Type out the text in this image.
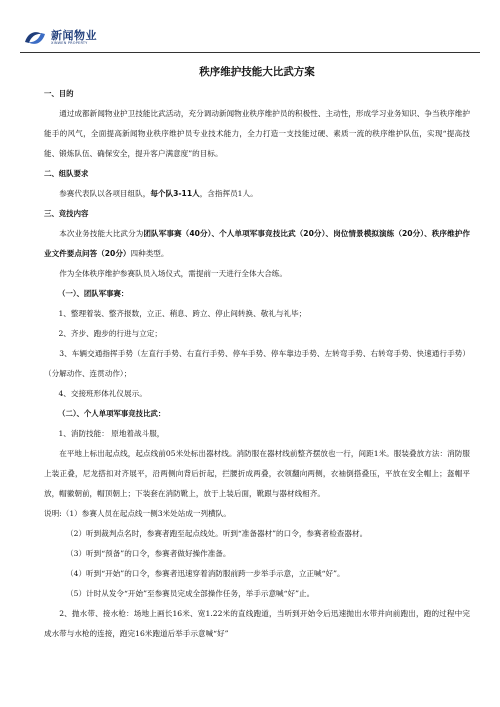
新闻物业
XINWEN PROPERTY
秩序维护技能大比武方案
一、目的
通过成都新闻物业护卫技能比武活动，充分调动新闻物业秩序维护员的积极性、主动性，形成学习业务知识、争当秩序维护能手的风气，全面提高新闻物业秩序维护员专业技术能力，全力打造一支技能过硬、素质一流的秩序维护队伍，实现“提高技能、锻炼队伍、确保安全，提升客户满意度”的目标。
二、组队要求
参赛代表队以各项目组队，每个队3-11人，含指挥员1人。
三、竞技内容
本次业务技能大比武分为团队军事赛（40分）、个人单项军事竞技比武（20分）、岗位情景模拟演练（20分）、秩序维护作业文件要点问答（20分）四种类型。
作为全体秩序维护参赛队员入场仪式，需提前一天进行全体大合练。
（一）、团队军事赛：
1、整理着装、整齐报数，立正、稍息、跨立、停止间转换、敬礼与礼毕；
2、齐步、跑步的行进与立定；
3、车辆交通指挥手势（左直行手势、右直行手势、停车手势、停车靠边手势、左转弯手势、右转弯手势、快速通行手势）（分解动作、连贯动作）；
4、交接班形体礼仪展示。
（二）、个人单项军事竞技比武：
1、消防技能： 原地着战斗服，
在平地上标出起点线，起点线前05米处标出器材线。消防服在器材线前整齐摆放也一行，间距1米。服装叠放方法：消防服上装正叠，尼龙搭扣对齐展平，沿两侧向背后折起，拦腰折成两叠，衣领翻向两侧，衣袖倒搭叠压，平放在安全帽上；盔帽平放，帽徽朝前，帽顶朝上；下装套在消防靴上，放于上装后面，靴跟与器材线相齐。
说明:（1）参赛人员在起点线一侧3米处站成一列横队。
（2）听到裁判点名时，参赛者跑至起点线处。听到“准备器材”的口令，参赛者检查器材。
（3）听到“预备”的口令，参赛者做好操作准备。
（4）听到“开始”的口令，参赛者迅速穿着消防服前跨一步举手示意，立正喊“好”。
（5）计时从发令“开始”至参赛员完成全部操作任务，举手示意喊“好”止。
2、抛水带、接水枪：场地上画长16米、宽1.22米的直线跑道，当听到开始令后迅速抛出水带并向前跑出，跑的过程中完成水带与水枪的连接，跑完16米跑道后举手示意喊“好”
